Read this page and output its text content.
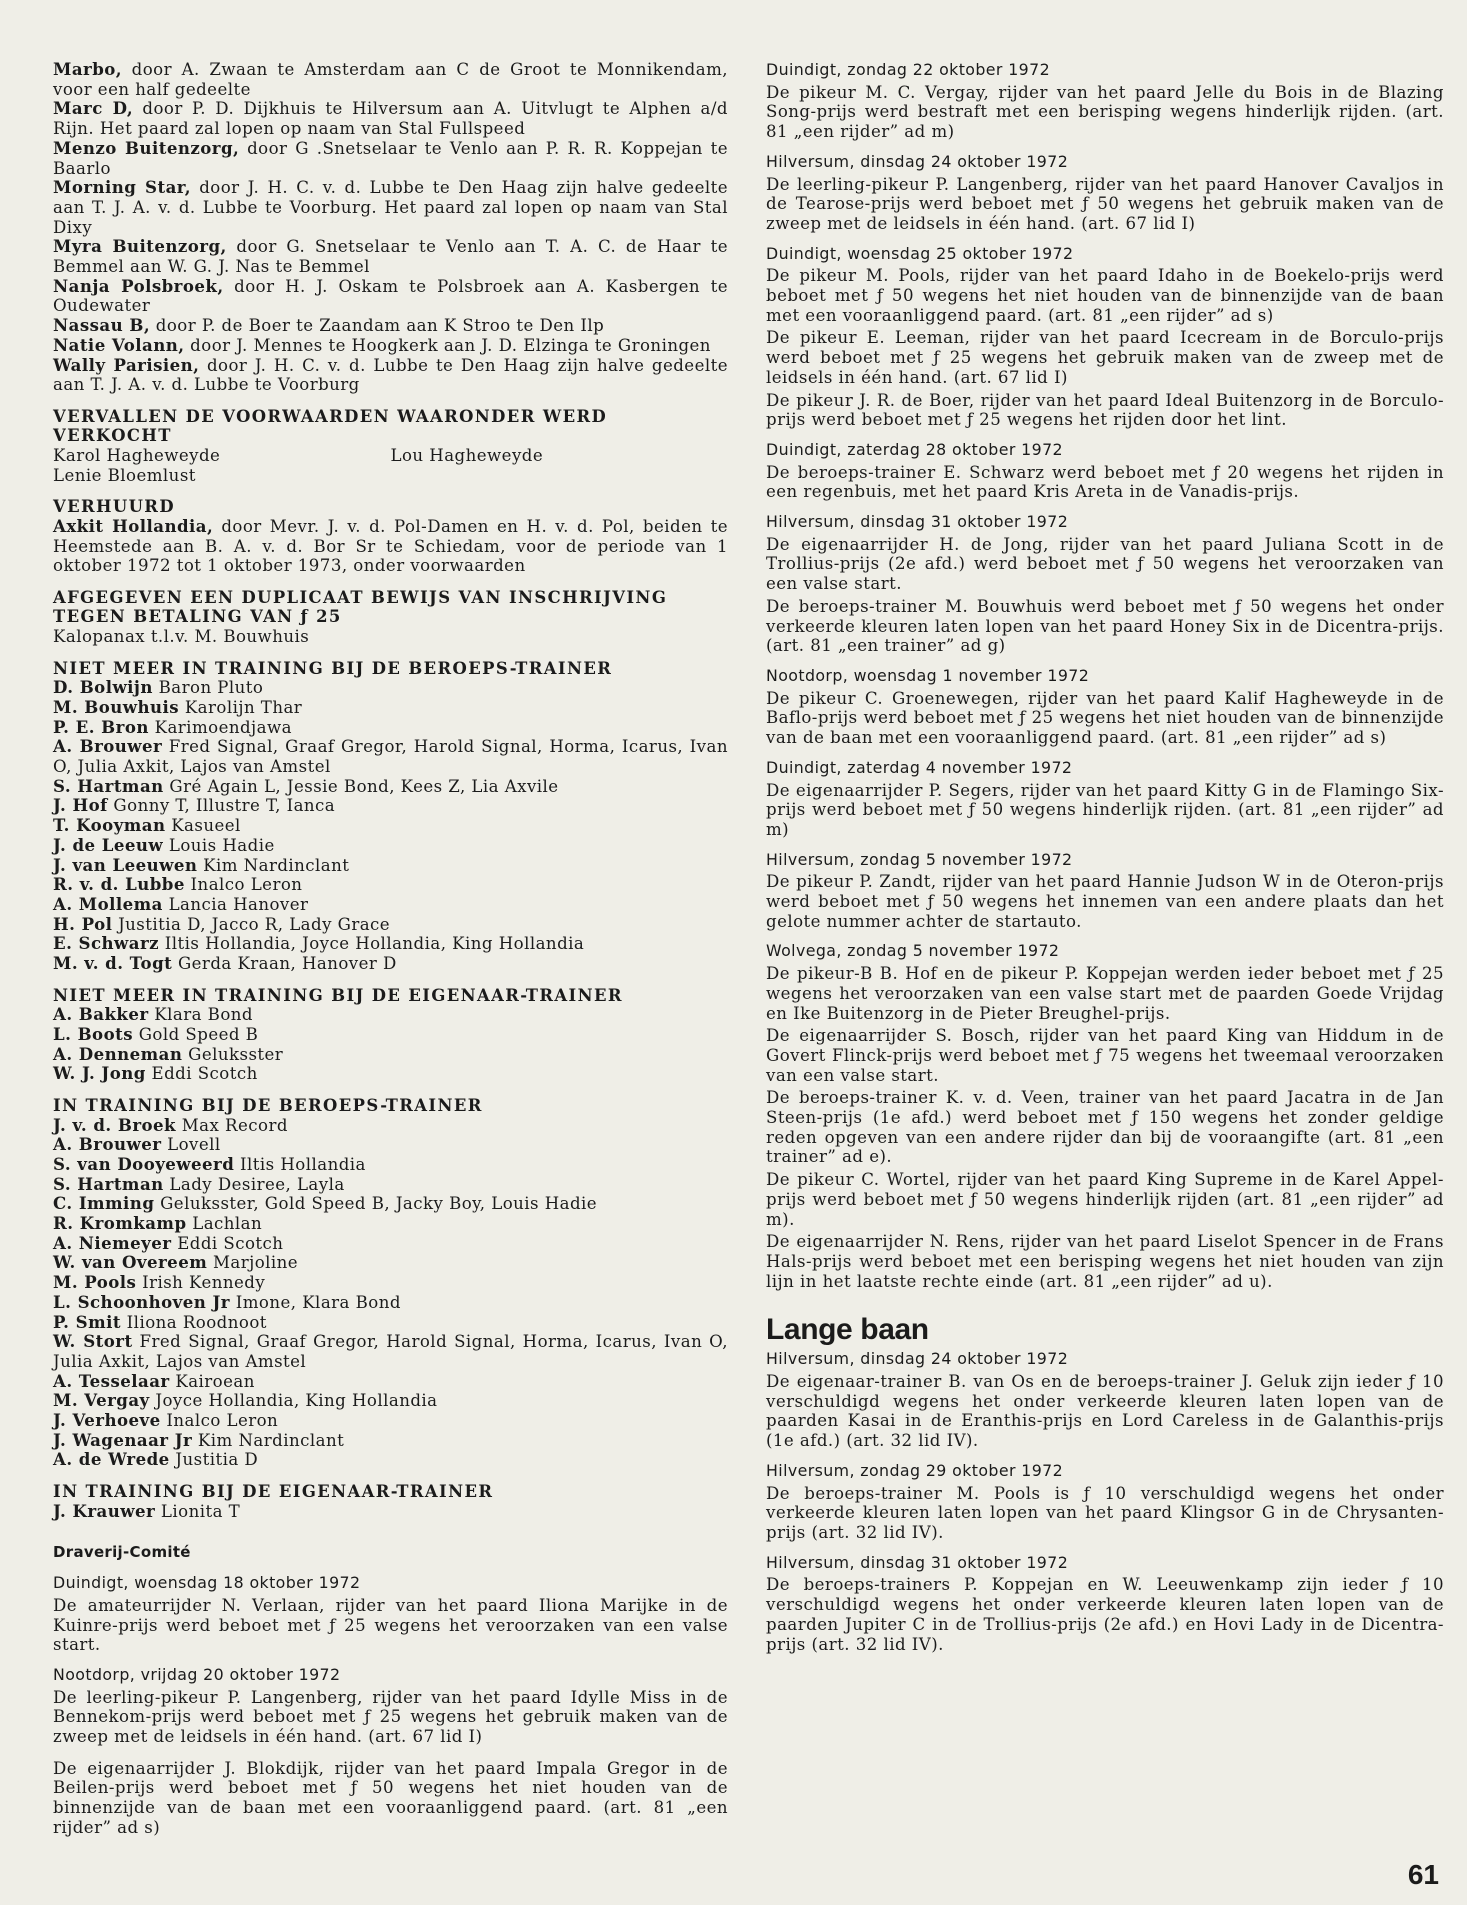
Marbo, door A. Zwaan te Amsterdam aan C de Groot te Monnikendam, voor een half gedeelte
Marc D, door P. D. Dijkhuis te Hilversum aan A. Uitvlugt te Alphen a/d Rijn. Het paard zal lopen op naam van Stal Fullspeed
Menzo Buitenzorg, door G .Snetselaar te Venlo aan P. R. R. Koppejan te Baarlo
Morning Star, door J. H. C. v. d. Lubbe te Den Haag zijn halve gedeelte aan T. J. A. v. d. Lubbe te Voorburg. Het paard zal lopen op naam van Stal Dixy
Myra Buitenzorg, door G. Snetselaar te Venlo aan T. A. C. de Haar te Bemmel aan W. G. J. Nas te Bemmel
Nanja Polsbroek, door H. J. Oskam te Polsbroek aan A. Kasbergen te Oudewater
Nassau B, door P. de Boer te Zaandam aan K Stroo te Den Ilp
Natie Volann, door J. Mennes te Hoogkerk aan J. D. Elzinga te Groningen
Wally Parisien, door J. H. C. v. d. Lubbe te Den Haag zijn halve gedeelte aan T. J. A. v. d. Lubbe te Voorburg
VERVALLEN DE VOORWAARDEN WAARONDER WERD VERKOCHT
Karol Hagheweyde	Lou Hagheweyde
Lenie Bloemlust
VERHUURD
Axkit Hollandia, door Mevr. J. v. d. Pol-Damen en H. v. d. Pol, beiden te Heemstede aan B. A. v. d. Bor Sr te Schiedam, voor de periode van 1 oktober 1972 tot 1 oktober 1973, onder voorwaarden
AFGEGEVEN EEN DUPLICAAT BEWIJS VAN INSCHRIJVING TEGEN BETALING VAN ƒ 25
Kalopanax t.l.v. M. Bouwhuis
NIET MEER IN TRAINING BIJ DE BEROEPS-TRAINER
D. Bolwijn Baron Pluto
M. Bouwhuis Karolijn Thar
P. E. Bron Karimoendjawa
A. Brouwer Fred Signal, Graaf Gregor, Harold Signal, Horma, Icarus, Ivan O, Julia Axkit, Lajos van Amstel
S. Hartman Gré Again L, Jessie Bond, Kees Z, Lia Axvile
J. Hof Gonny T, Illustre T, Ianca
T. Kooyman Kasueel
J. de Leeuw Louis Hadie
J. van Leeuwen Kim Nardinclant
R. v. d. Lubbe Inalco Leron
A. Mollema Lancia Hanover
H. Pol Justitia D, Jacco R, Lady Grace
E. Schwarz Iltis Hollandia, Joyce Hollandia, King Hollandia
M. v. d. Togt Gerda Kraan, Hanover D
NIET MEER IN TRAINING BIJ DE EIGENAAR-TRAINER
A. Bakker Klara Bond
L. Boots Gold Speed B
A. Denneman Geluksster
W. J. Jong Eddi Scotch
IN TRAINING BIJ DE BEROEPS-TRAINER
J. v. d. Broek Max Record
A. Brouwer Lovell
S. van Dooyeweerd Iltis Hollandia
S. Hartman Lady Desiree, Layla
C. Imming Geluksster, Gold Speed B, Jacky Boy, Louis Hadie
R. Kromkamp Lachlan
A. Niemeyer Eddi Scotch
W. van Overeem Marjoline
M. Pools Irish Kennedy
L. Schoonhoven Jr Imone, Klara Bond
P. Smit Iliona Roodnoot
W. Stort Fred Signal, Graaf Gregor, Harold Signal, Horma, Icarus, Ivan O, Julia Axkit, Lajos van Amstel
A. Tesselaar Kairoean
M. Vergay Joyce Hollandia, King Hollandia
J. Verhoeve Inalco Leron
J. Wagenaar Jr Kim Nardinclant
A. de Wrede Justitia D
IN TRAINING BIJ DE EIGENAAR-TRAINER
J. Krauwer Lionita T
Draverij-Comité
Duindigt, woensdag 18 oktober 1972
De amateurrijder N. Verlaan, rijder van het paard Iliona Marijke in de Kuinre-prijs werd beboet met ƒ 25 wegens het veroorzaken van een valse start.
Nootdorp, vrijdag 20 oktober 1972
De leerling-pikeur P. Langenberg, rijder van het paard Idylle Miss in de Bennekom-prijs werd beboet met ƒ 25 wegens het gebruik maken van de zweep met de leidsels in één hand. (art. 67 lid I)
De eigenaarrijder J. Blokdijk, rijder van het paard Impala Gregor in de Beilen-prijs werd beboet met ƒ 50 wegens het niet houden van de binnenzijde van de baan met een vooraanliggend paard. (art. 81 „een rijder” ad s)
Duindigt, zondag 22 oktober 1972
De pikeur M. C. Vergay, rijder van het paard Jelle du Bois in de Blazing Song-prijs werd bestraft met een berisping wegens hinderlijk rijden. (art. 81 „een rijder” ad m)
Hilversum, dinsdag 24 oktober 1972
De leerling-pikeur P. Langenberg, rijder van het paard Hanover Cavaljos in de Tearose-prijs werd beboet met ƒ 50 wegens het gebruik maken van de zweep met de leidsels in één hand. (art. 67 lid I)
Duindigt, woensdag 25 oktober 1972
De pikeur M. Pools, rijder van het paard Idaho in de Boekelo-prijs werd beboet met ƒ 50 wegens het niet houden van de binnenzijde van de baan met een vooraanliggend paard. (art. 81 „een rijder” ad s)
De pikeur E. Leeman, rijder van het paard Icecream in de Borculo-prijs werd beboet met ƒ 25 wegens het gebruik maken van de zweep met de leidsels in één hand. (art. 67 lid I)
De pikeur J. R. de Boer, rijder van het paard Ideal Buitenzorg in de Borculo-prijs werd beboet met ƒ 25 wegens het rijden door het lint.
Duindigt, zaterdag 28 oktober 1972
De beroeps-trainer E. Schwarz werd beboet met ƒ 20 wegens het rijden in een regenbuis, met het paard Kris Areta in de Vanadis-prijs.
Hilversum, dinsdag 31 oktober 1972
De eigenaarrijder H. de Jong, rijder van het paard Juliana Scott in de Trollius-prijs (2e afd.) werd beboet met ƒ 50 wegens het veroorzaken van een valse start.
De beroeps-trainer M. Bouwhuis werd beboet met ƒ 50 wegens het onder verkeerde kleuren laten lopen van het paard Honey Six in de Dicentra-prijs. (art. 81 „een trainer” ad g)
Nootdorp, woensdag 1 november 1972
De pikeur C. Groenewegen, rijder van het paard Kalif Hagheweyde in de Baflo-prijs werd beboet met ƒ 25 wegens het niet houden van de binnenzijde van de baan met een vooraanliggend paard. (art. 81 „een rijder” ad s)
Duindigt, zaterdag 4 november 1972
De eigenaarrijder P. Segers, rijder van het paard Kitty G in de Flamingo Six-prijs werd beboet met ƒ 50 wegens hinderlijk rijden. (art. 81 „een rijder” ad m)
Hilversum, zondag 5 november 1972
De pikeur P. Zandt, rijder van het paard Hannie Judson W in de Oteron-prijs werd beboet met ƒ 50 wegens het innemen van een andere plaats dan het gelote nummer achter de startauto.
Wolvega, zondag 5 november 1972
De pikeur-B B. Hof en de pikeur P. Koppejan werden ieder beboet met ƒ 25 wegens het veroorzaken van een valse start met de paarden Goede Vrijdag en Ike Buitenzorg in de Pieter Breughel-prijs.
De eigenaarrijder S. Bosch, rijder van het paard King van Hiddum in de Govert Flinck-prijs werd beboet met ƒ 75 wegens het tweemaal veroorzaken van een valse start.
De beroeps-trainer K. v. d. Veen, trainer van het paard Jacatra in de Jan Steen-prijs (1e afd.) werd beboet met ƒ 150 wegens het zonder geldige reden opgeven van een andere rijder dan bij de vooraangifte (art. 81 „een trainer” ad e).
De pikeur C. Wortel, rijder van het paard King Supreme in de Karel Appel-prijs werd beboet met ƒ 50 wegens hinderlijk rijden (art. 81 „een rijder” ad m).
De eigenaarrijder N. Rens, rijder van het paard Liselot Spencer in de Frans Hals-prijs werd beboet met een berisping wegens het niet houden van zijn lijn in het laatste rechte einde (art. 81 „een rijder” ad u).
Lange baan
Hilversum, dinsdag 24 oktober 1972
De eigenaar-trainer B. van Os en de beroeps-trainer J. Geluk zijn ieder ƒ 10 verschuldigd wegens het onder verkeerde kleuren laten lopen van de paarden Kasai in de Eranthis-prijs en Lord Careless in de Galanthis-prijs (1e afd.) (art. 32 lid IV).
Hilversum, zondag 29 oktober 1972
De beroeps-trainer M. Pools is ƒ 10 verschuldigd wegens het onder verkeerde kleuren laten lopen van het paard Klingsor G in de Chrysanten-prijs (art. 32 lid IV).
Hilversum, dinsdag 31 oktober 1972
De beroeps-trainers P. Koppejan en W. Leeuwenkamp zijn ieder ƒ 10 verschuldigd wegens het onder verkeerde kleuren laten lopen van de paarden Jupiter C in de Trollius-prijs (2e afd.) en Hovi Lady in de Dicentra-prijs (art. 32 lid IV).
61
